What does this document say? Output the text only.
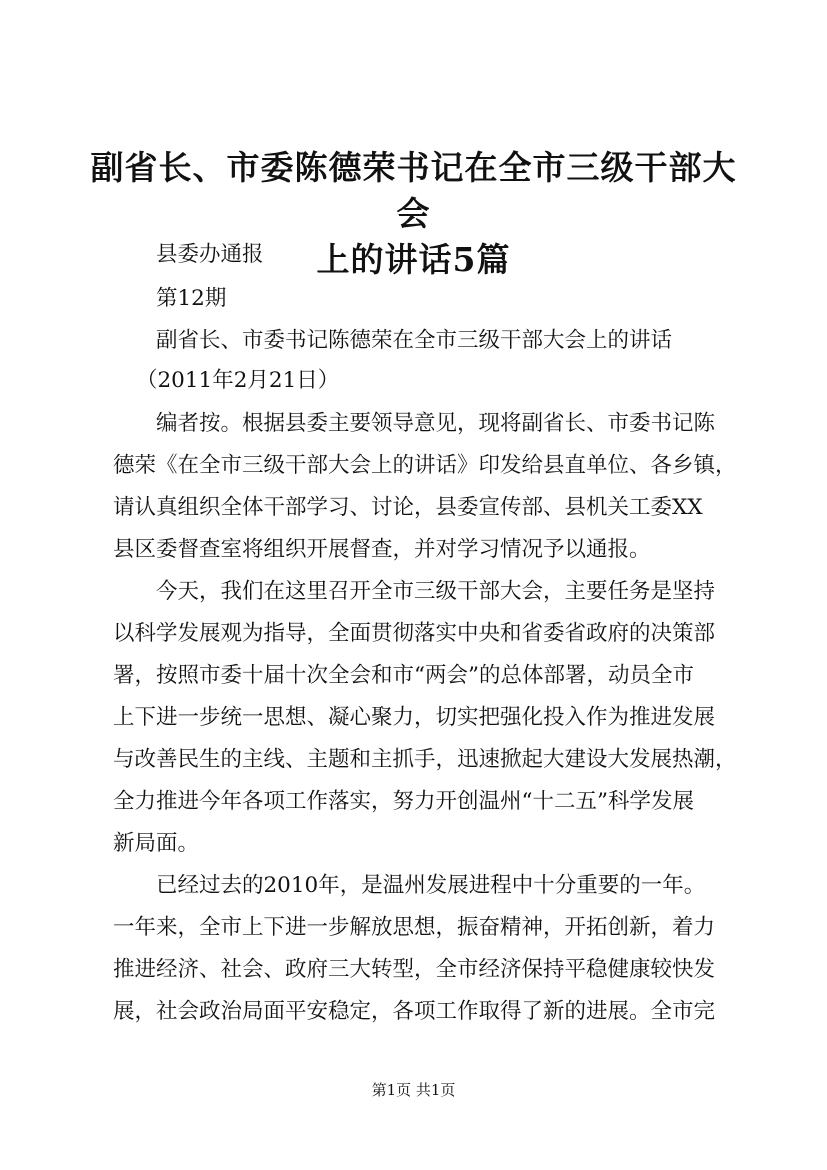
副省长、市委陈德荣书记在全市三级干部大会
上的讲话5篇
县委办通报
第12期
副省长、市委书记陈德荣在全市三级干部大会上的讲话
（2011年2月21日）
编者按。根据县委主要领导意见，现将副省长、市委书记陈
德荣《在全市三级干部大会上的讲话》印发给县直单位、各乡镇，
请认真组织全体干部学习、讨论，县委宣传部、县机关工委XX
县区委督查室将组织开展督查，并对学习情况予以通报。
今天，我们在这里召开全市三级干部大会，主要任务是坚持
以科学发展观为指导，全面贯彻落实中央和省委省政府的决策部
署，按照市委十届十次全会和市“两会”的总体部署，动员全市
上下进一步统一思想、凝心聚力，切实把强化投入作为推进发展
与改善民生的主线、主题和主抓手，迅速掀起大建设大发展热潮，
全力推进今年各项工作落实，努力开创温州“十二五”科学发展
新局面。
已经过去的2010年，是温州发展进程中十分重要的一年。
一年来，全市上下进一步解放思想，振奋精神，开拓创新，着力
推进经济、社会、政府三大转型，全市经济保持平稳健康较快发
展，社会政治局面平安稳定，各项工作取得了新的进展。全市完
第1页 共1页
